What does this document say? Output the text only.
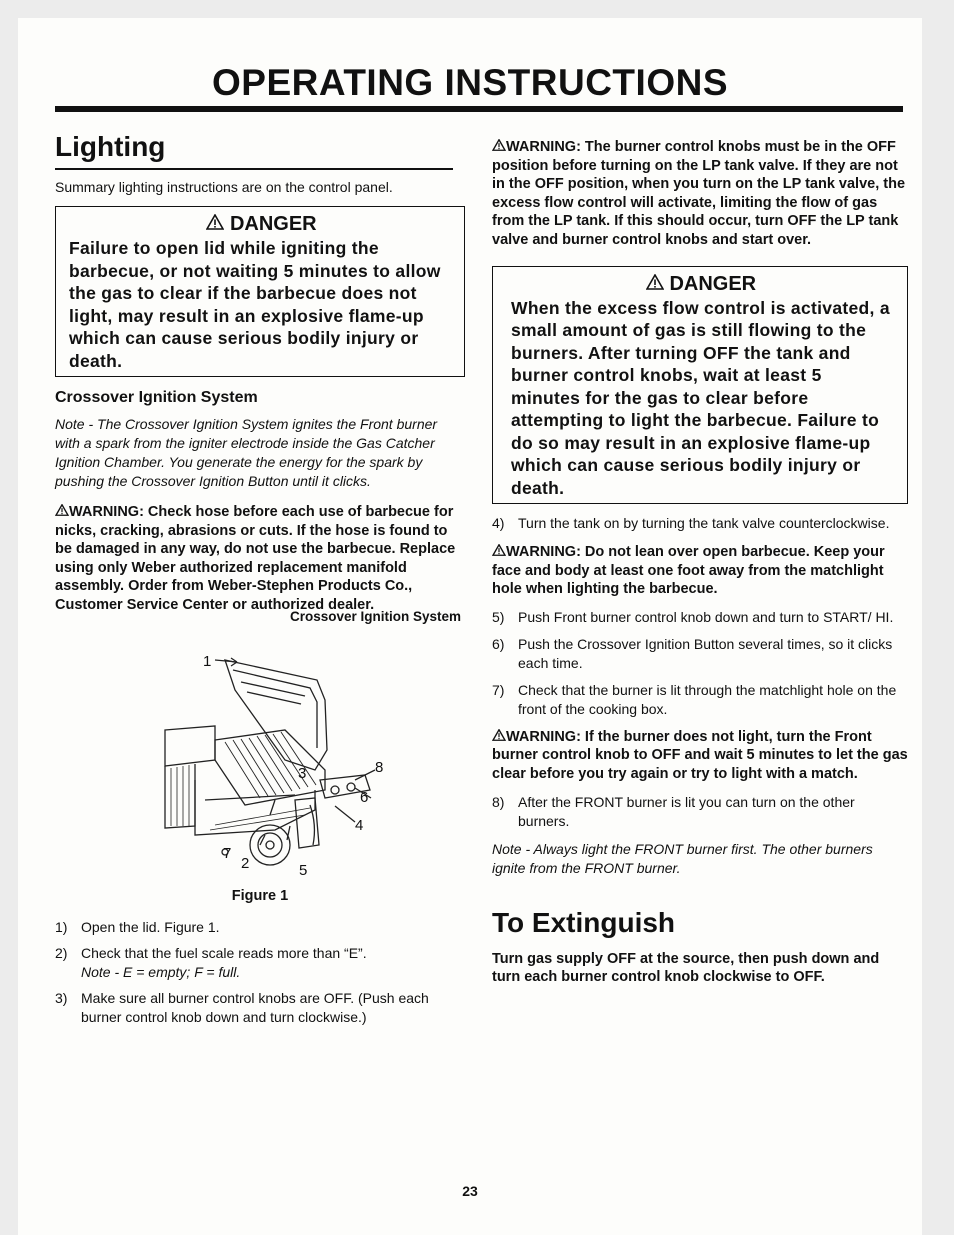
OPERATING INSTRUCTIONS
Lighting
Summary lighting instructions are on the control panel.
DANGER
Failure to open lid while igniting the barbecue, or not waiting 5 minutes to allow the gas to clear if the barbecue does not light, may result in an explosive flame-up which can cause serious bodily injury or death.
Crossover Ignition System
Note - The Crossover Ignition System ignites the Front burner with a spark from the igniter electrode inside the Gas Catcher Ignition Chamber. You generate the energy for the spark by pushing the Crossover Ignition Button until it clicks.
WARNING: Check hose before each use of barbecue for nicks, cracking, abrasions or cuts. If the hose is found to be damaged in any way, do not use the barbecue. Replace using only Weber authorized replacement manifold assembly. Order from Weber-Stephen Products Co., Customer Service Center or authorized dealer.
Crossover Ignition System
1
2
3
4
5
6
7
8
Figure 1
1) Open the lid. Figure 1.
2) Check that the fuel scale reads more than “E”.
Note - E = empty; F = full.
3) Make sure all burner control knobs are OFF. (Push each burner control knob down and turn clockwise.)
WARNING: The burner control knobs must be in the OFF position before turning on the LP tank valve. If they are not in the OFF position, when you turn on the LP tank valve, the excess flow control will activate, limiting the flow of gas from the LP tank. If this should occur, turn OFF the LP tank valve and burner control knobs and start over.
DANGER
When the excess flow control is activated, a small amount of gas is still flowing to the burners. After turning OFF the tank and burner control knobs, wait at least 5 minutes for the gas to clear before attempting to light the barbecue. Failure to do so may result in an explosive flame-up which can cause serious bodily injury or death.
4) Turn the tank on by turning the tank valve counterclockwise.
WARNING: Do not lean over open barbecue. Keep your face and body at least one foot away from the matchlight hole when lighting the barbecue.
5) Push Front burner control knob down and turn to START/ HI.
6) Push the Crossover Ignition Button several times, so it clicks each time.
7) Check that the burner is lit through the matchlight hole on the front of the cooking box.
WARNING: If the burner does not light, turn the Front burner control knob to OFF and wait 5 minutes to let the gas clear before you try again or try to light with a match.
8) After the FRONT burner is lit you can turn on the other burners.
Note - Always light the FRONT burner first. The other burners ignite from the FRONT burner.
To Extinguish
Turn gas supply OFF at the source, then push down and turn each burner control knob clockwise to OFF.
23
